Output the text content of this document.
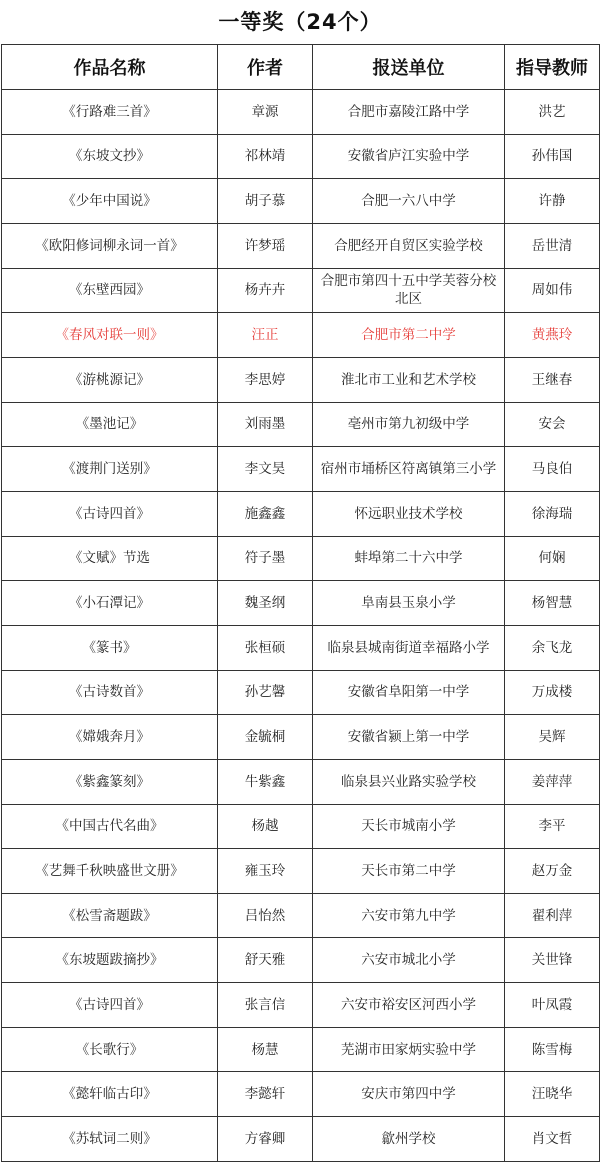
一等奖（24个）
作品名称	作者	报送单位	指导教师
《行路难三首》	章源	合肥市嘉陵江路中学	洪艺
《东坡文抄》	祁林靖	安徽省庐江实验中学	孙伟国
《少年中国说》	胡子慕	合肥一六八中学	许静
《欧阳修词柳永词一首》	许梦瑶	合肥经开自贸区实验学校	岳世清
《东壁西园》	杨卉卉	合肥市第四十五中学芙蓉分校北区	周如伟
《春风对联一则》	汪正	合肥市第二中学	黄燕玲
《游桃源记》	李思婷	淮北市工业和艺术学校	王继春
《墨池记》	刘雨墨	亳州市第九初级中学	安会
《渡荆门送别》	李文昊	宿州市埇桥区符离镇第三小学	马良伯
《古诗四首》	施鑫鑫	怀远职业技术学校	徐海瑞
《文赋》节选	符子墨	蚌埠第二十六中学	何娴
《小石潭记》	魏圣纲	阜南县玉泉小学	杨智慧
《篆书》	张桓硕	临泉县城南街道幸福路小学	余飞龙
《古诗数首》	孙艺馨	安徽省阜阳第一中学	万成楼
《嫦娥奔月》	金毓桐	安徽省颍上第一中学	吴辉
《紫鑫篆刻》	牛紫鑫	临泉县兴业路实验学校	姜萍萍
《中国古代名曲》	杨越	天长市城南小学	李平
《艺舞千秋映盛世文册》	雍玉玲	天长市第二中学	赵万金
《松雪斋题跋》	吕怡然	六安市第九中学	翟利萍
《东坡题跋摘抄》	舒天雅	六安市城北小学	关世锋
《古诗四首》	张言信	六安市裕安区河西小学	叶凤霞
《长歌行》	杨慧	芜湖市田家炳实验中学	陈雪梅
《懿轩临古印》	李懿轩	安庆市第四中学	汪晓华
《苏轼词二则》	方睿卿	歙州学校	肖文哲
